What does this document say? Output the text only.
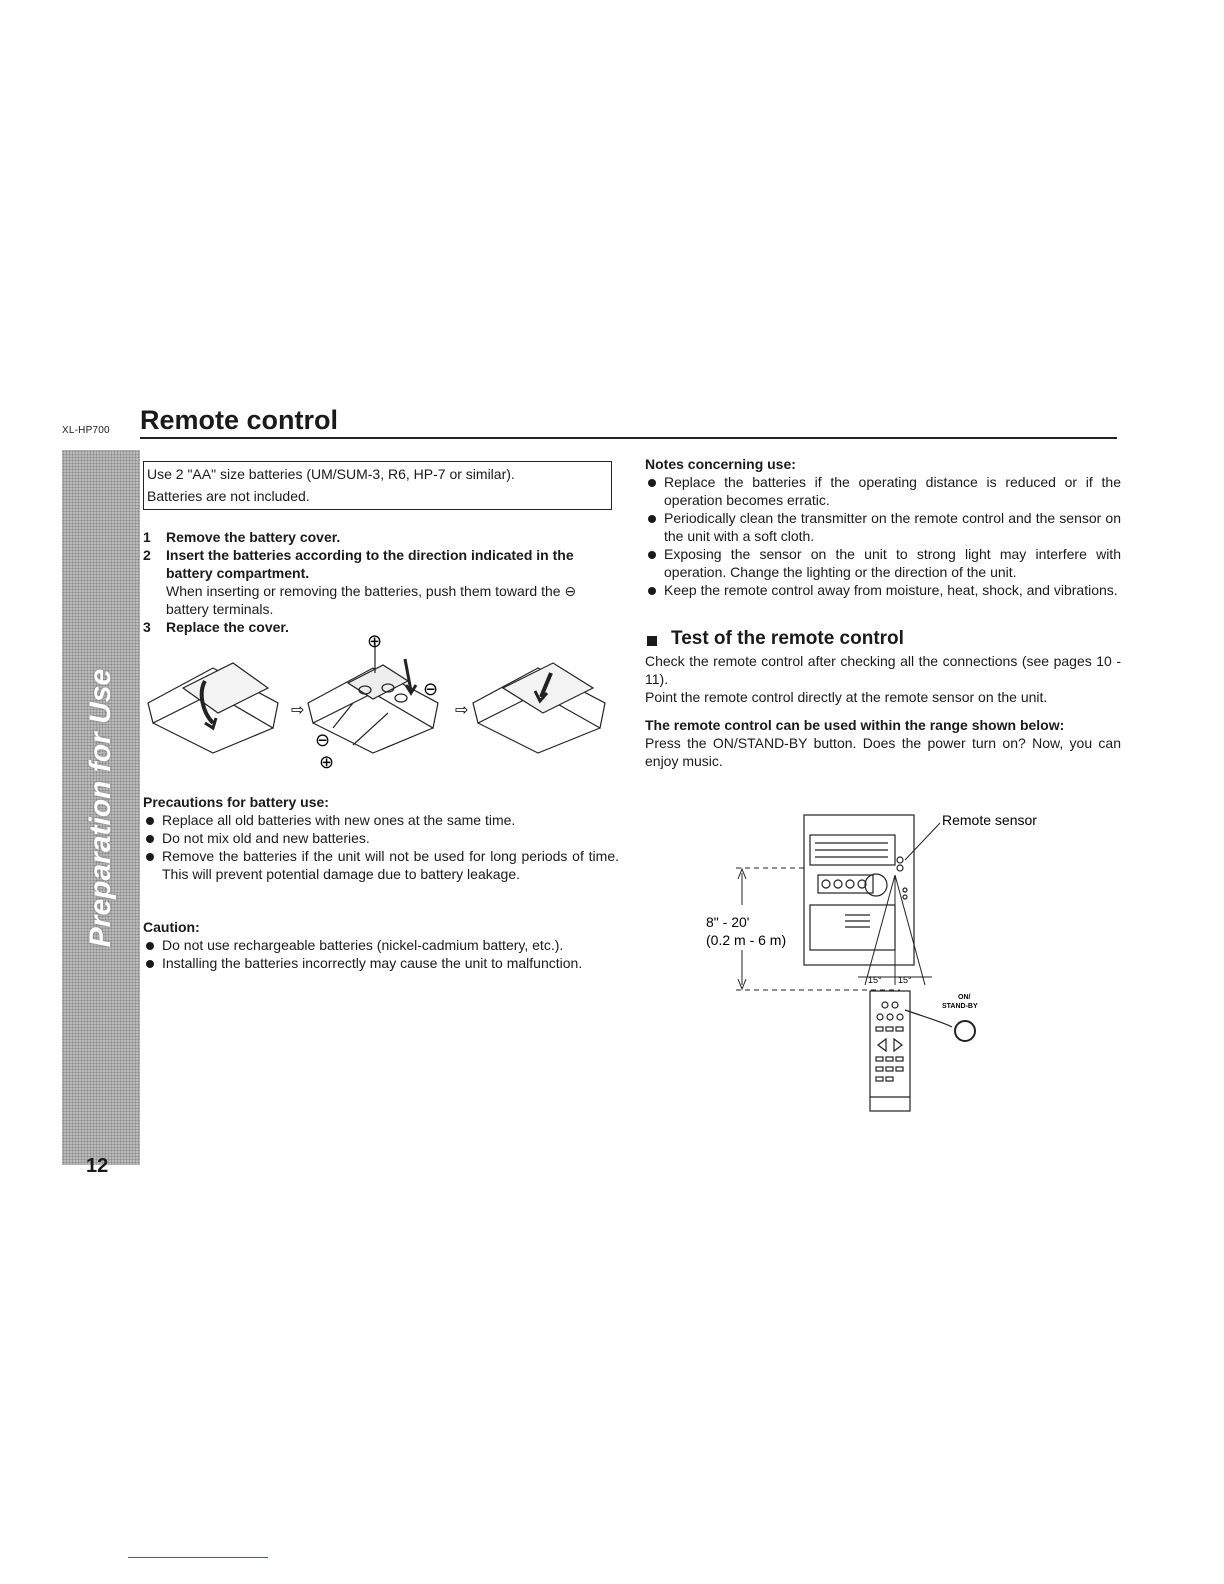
XL-HP700 Remote control
Preparation for Use
12
Use 2 "AA" size batteries (UM/SUM-3, R6, HP-7 or similar).
Batteries are not included.
1 Remove the battery cover.
2 Insert the batteries according to the direction indicated in the battery compartment.
When inserting or removing the batteries, push them toward the ⊖ battery terminals.
3 Replace the cover.
⇨
⊕
⊖
⊖
⊕
⇨
Precautions for battery use:
Replace all old batteries with new ones at the same time.
Do not mix old and new batteries.
Remove the batteries if the unit will not be used for long periods of time. This will prevent potential damage due to battery leakage.
Caution:
Do not use rechargeable batteries (nickel-cadmium battery, etc.).
Installing the batteries incorrectly may cause the unit to malfunction.
Notes concerning use:
Replace the batteries if the operating distance is reduced or if the operation becomes erratic.
Periodically clean the transmitter on the remote control and the sensor on the unit with a soft cloth.
Exposing the sensor on the unit to strong light may interfere with operation. Change the lighting or the direction of the unit.
Keep the remote control away from moisture, heat, shock, and vibrations.
Test of the remote control
Check the remote control after checking all the connections (see pages 10 - 11).
Point the remote control directly at the remote sensor on the unit.
The remote control can be used within the range shown below:
Press the ON/STAND-BY button. Does the power turn on? Now, you can enjoy music.
Remote sensor
8" - 20'
(0.2 m - 6 m)
15° 15°
ON/
STAND-BY
